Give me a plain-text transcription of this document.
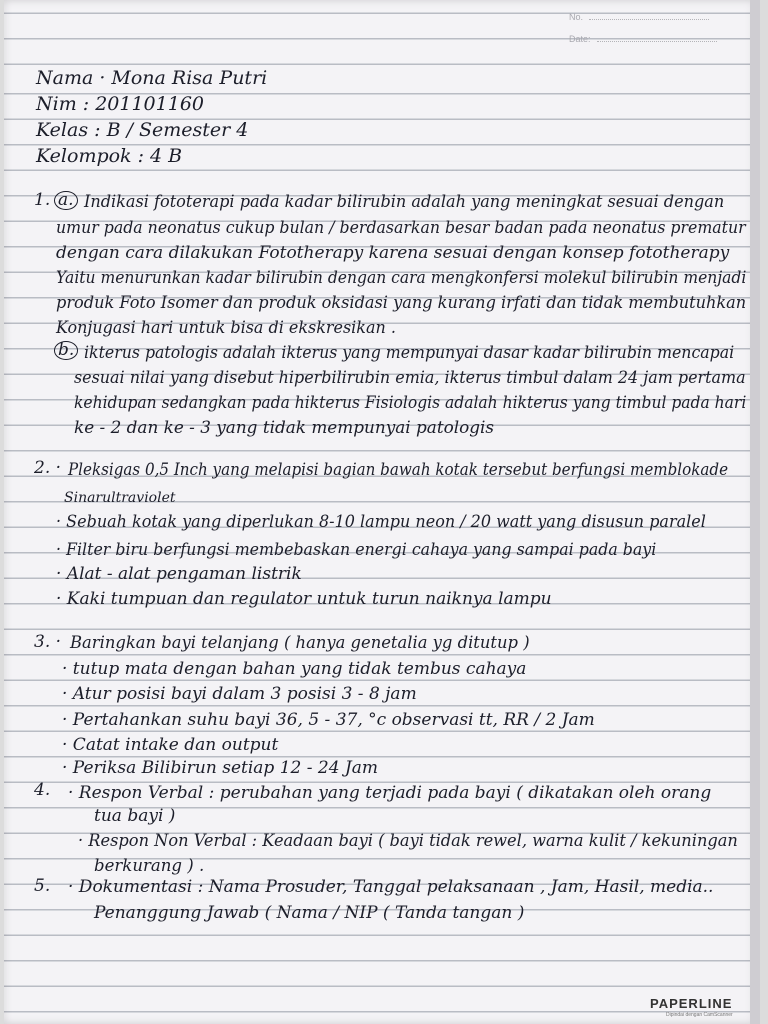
No.
Date:
Nama · Mona Risa Putri
Nim : 201101160
Kelas : B / Semester 4
Kelompok : 4 B
1. a. Indikasi fototerapi pada kadar bilirubin adalah yang meningkat sesuai dengan
umur pada neonatus cukup bulan / berdasarkan besar badan pada neonatus prematur
dengan cara dilakukan Fototherapy karena sesuai dengan konsep fototherapy
Yaitu menurunkan kadar bilirubin dengan cara mengkonfersi molekul bilirubin menjadi
produk Foto Isomer dan produk oksidasi yang kurang irfati dan tidak membutuhkan
Konjugasi hari untuk bisa di ekskresikan .
b. ikterus patologis adalah ikterus yang mempunyai dasar kadar bilirubin mencapai
sesuai nilai yang disebut hiperbilirubin emia, ikterus timbul dalam 24 jam pertama
kehidupan sedangkan pada hikterus Fisiologis adalah hikterus yang timbul pada hari
ke - 2 dan ke - 3 yang tidak mempunyai patologis
2. · Pleksigas 0,5 Inch yang melapisi bagian bawah kotak tersebut berfungsi memblokade
Sinarultraviolet
· Sebuah kotak yang diperlukan 8-10 lampu neon / 20 watt yang disusun paralel
· Filter biru berfungsi membebaskan energi cahaya yang sampai pada bayi
· Alat - alat pengaman listrik
· Kaki tumpuan dan regulator untuk turun naiknya lampu
3. · Baringkan bayi telanjang ( hanya genetalia yg ditutup )
· tutup mata dengan bahan yang tidak tembus cahaya
· Atur posisi bayi dalam 3 posisi 3 - 8 jam
· Pertahankan suhu bayi 36, 5 - 37, °c observasi tt, RR / 2 Jam
· Catat intake dan output
· Periksa Bilibirun setiap 12 - 24 Jam
4. · Respon Verbal : perubahan yang terjadi pada bayi ( dikatakan oleh orang
tua bayi )
· Respon Non Verbal : Keadaan bayi ( bayi tidak rewel, warna kulit / kekuningan
berkurang ) .
5. · Dokumentasi : Nama Prosuder, Tanggal pelaksanaan , Jam, Hasil, media..
Penanggung Jawab ( Nama / NIP ( Tanda tangan )
Dipindai dengan CamScanner
PAPERLINE
